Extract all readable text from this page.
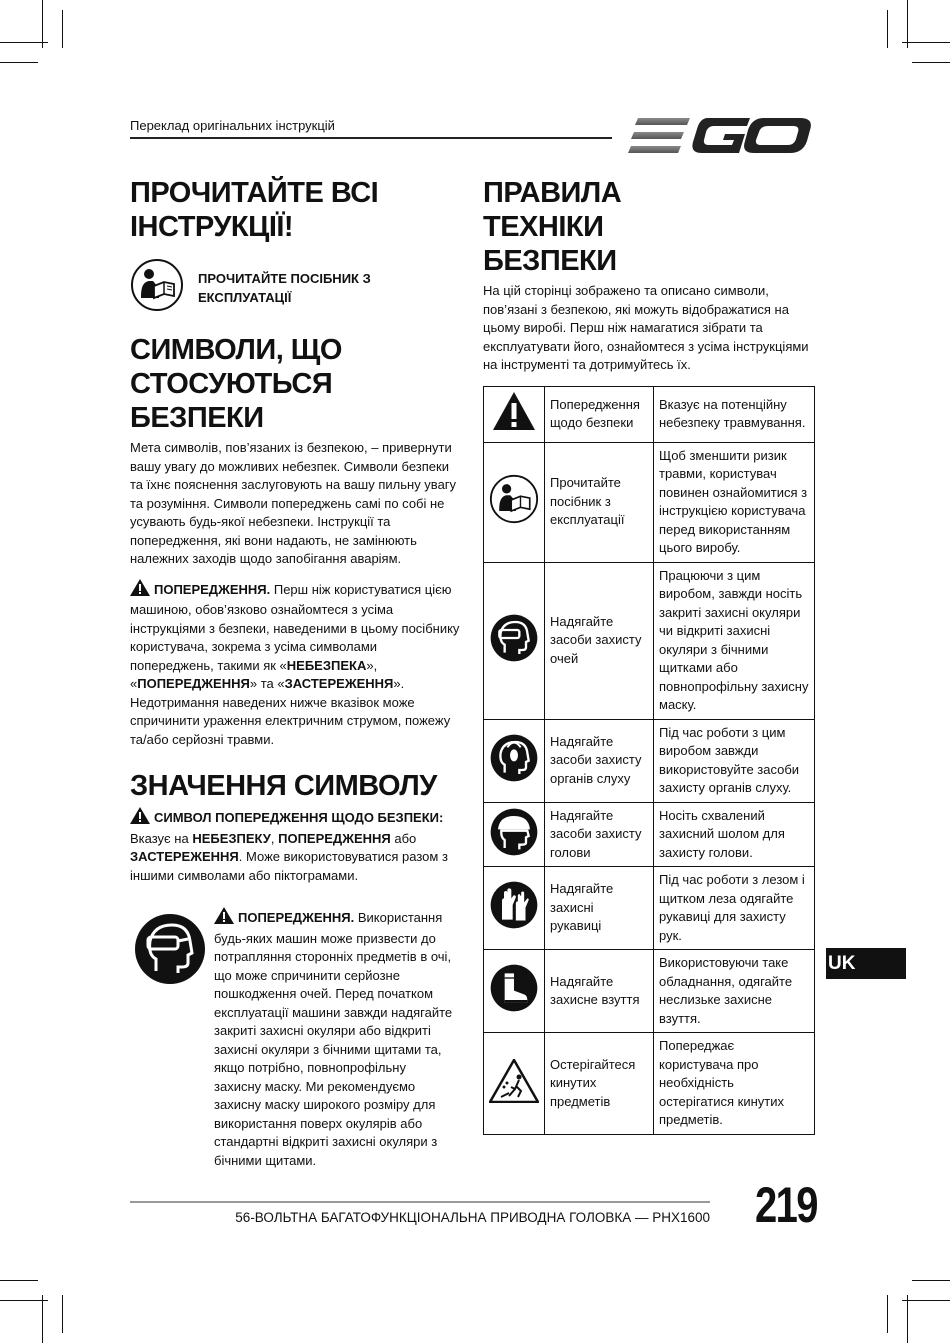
Переклад оригінальних інструкцій
ПРОЧИТАЙТЕ ВСІ ІНСТРУКЦІЇ!
ПРОЧИТАЙТЕ ПОСІБНИК З ЕКСПЛУАТАЦІЇ
СИМВОЛИ, ЩО СТОСУЮТЬСЯ БЕЗПЕКИ
Мета символів, пов’язаних із безпекою, – привернути вашу увагу до можливих небезпек. Символи безпеки та їхнє пояснення заслуговують на вашу пильну увагу та розуміння. Символи попереджень самі по собі не усувають будь-якої небезпеки. Інструкції та попередження, які вони надають, не замінюють належних заходів щодо запобігання аваріям.
ПОПЕРЕДЖЕННЯ. Перш ніж користуватися цією машиною, обов’язково ознайомтеся з усіма інструкціями з безпеки, наведеними в цьому посібнику користувача, зокрема з усіма символами попереджень, такими як «НЕБЕЗПЕКА», «ПОПЕРЕДЖЕННЯ» та «ЗАСТЕРЕЖЕННЯ». Недотримання наведених нижче вказівок може спричинити ураження електричним струмом, пожежу та/або серйозні травми.
ЗНАЧЕННЯ СИМВОЛУ
СИМВОЛ ПОПЕРЕДЖЕННЯ ЩОДО БЕЗПЕКИ:
Вказує на НЕБЕЗПЕКУ, ПОПЕРЕДЖЕННЯ або ЗАСТЕРЕЖЕННЯ. Може використовуватися разом з іншими символами або піктограмами.
ПОПЕРЕДЖЕННЯ. Використання будь-яких машин може призвести до потрапляння сторонніх предметів в очі, що може спричинити серйозне пошкодження очей. Перед початком експлуатації машини завжди надягайте закриті захисні окуляри або відкриті захисні окуляри з бічними щитами та, якщо потрібно, повнопрофільну захисну маску. Ми рекомендуємо захисну маску широкого розміру для використання поверх окулярів або стандартні відкриті захисні окуляри з бічними щитами.
ПРАВИЛА ТЕХНІКИ БЕЗПЕКИ
На цій сторінці зображено та описано символи, пов’язані з безпекою, які можуть відображатися на цьому виробі. Перш ніж намагатися зібрати та експлуатувати його, ознайомтеся з усіма інструкціями на інструменті та дотримуйтесь їх.
	Попередження щодо безпеки	Вказує на потенційну небезпеку травмування.
	Прочитайте посібник з експлуатації	Щоб зменшити ризик травми, користувач повинен ознайомитися з інструкцією користувача перед використанням цього виробу.
	Надягайте засоби захисту очей	Працюючи з цим виробом, завжди носіть закриті захисні окуляри чи відкриті захисні окуляри з бічними щитками або повнопрофільну захисну маску.
	Надягайте засоби захисту органів слуху	Під час роботи з цим виробом завжди використовуйте засоби захисту органів слуху.
	Надягайте засоби захисту голови	Носіть схвалений захисний шолом для захисту голови.
	Надягайте захисні рукавиці	Під час роботи з лезом і щитком леза одягайте рукавиці для захисту рук.
	Надягайте захисне взуття	Використовуючи таке обладнання, одягайте неслизьке захисне взуття.
	Остерігайтеся кинутих предметів	Попереджає користувача про необхідність остерігатися кинутих предметів.
UK
56-ВОЛЬТНА БАГАТОФУНКЦІОНАЛЬНА ПРИВОДНА ГОЛОВКА — PHX1600 219
